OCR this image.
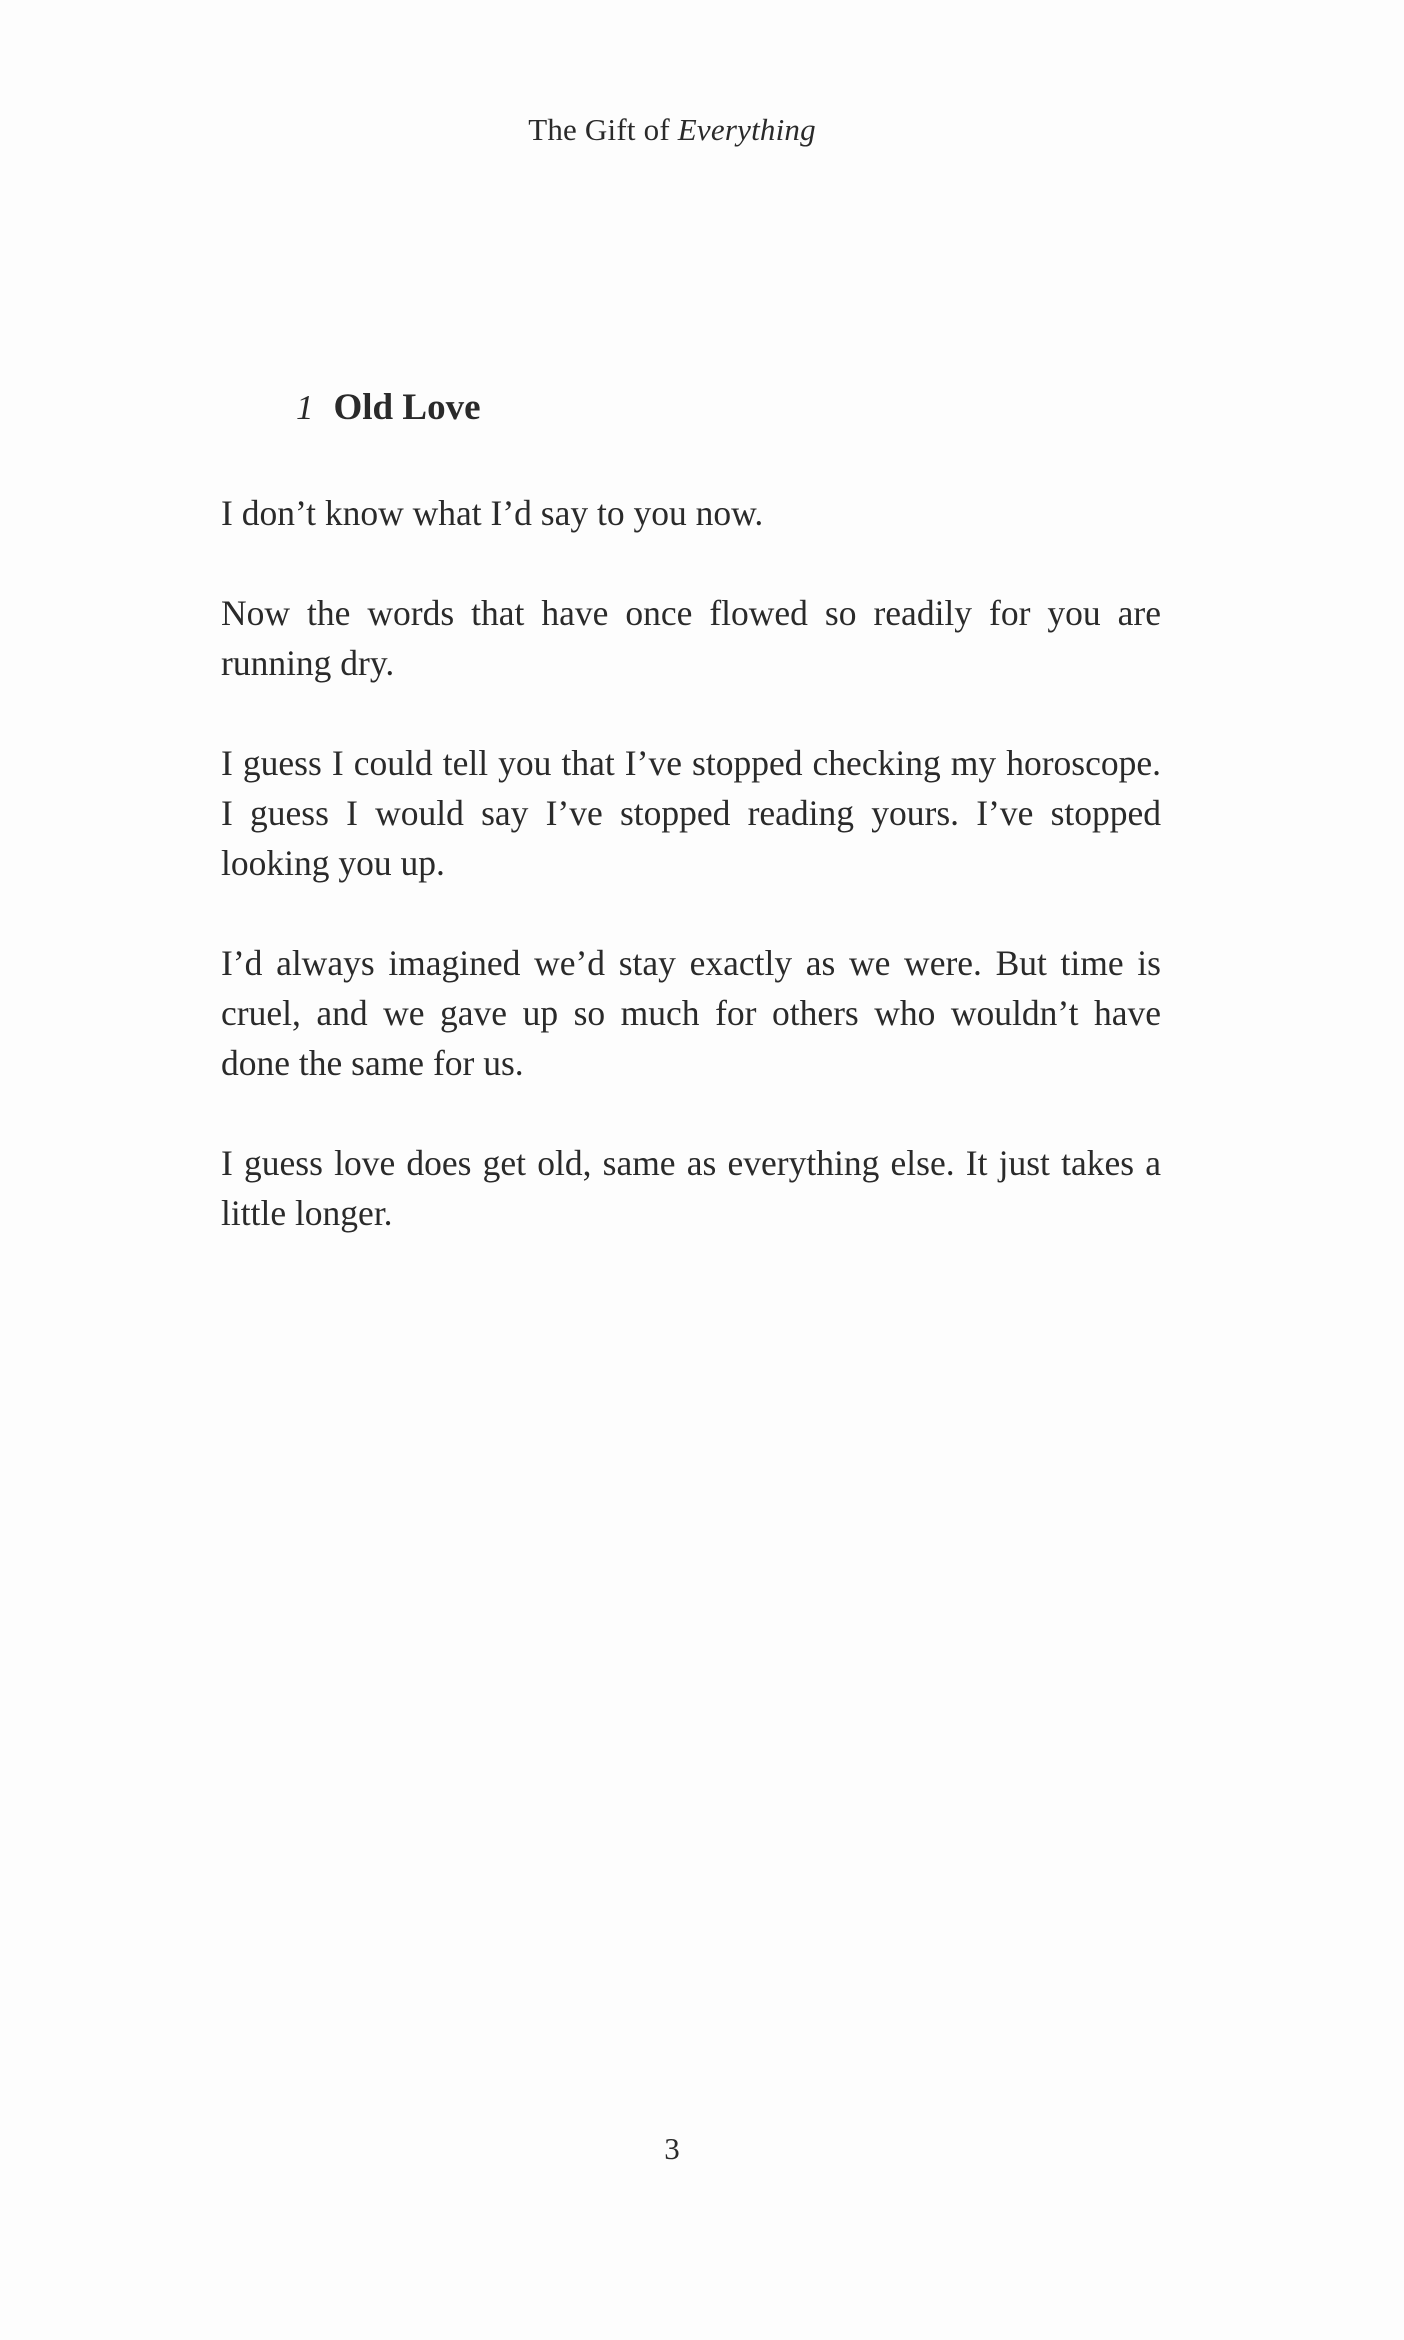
The Gift of Everything
1 Old Love

I don’t know what I’d say to you now.

Now the words that have once flowed so readily for you are running dry.

I guess I could tell you that I’ve stopped checking my horoscope. I guess I would say I’ve stopped reading yours. I’ve stopped looking you up.

I’d always imagined we’d stay exactly as we were. But time is cruel, and we gave up so much for others who wouldn’t have done the same for us.

I guess love does get old, same as everything else. It just takes a little longer.

3
